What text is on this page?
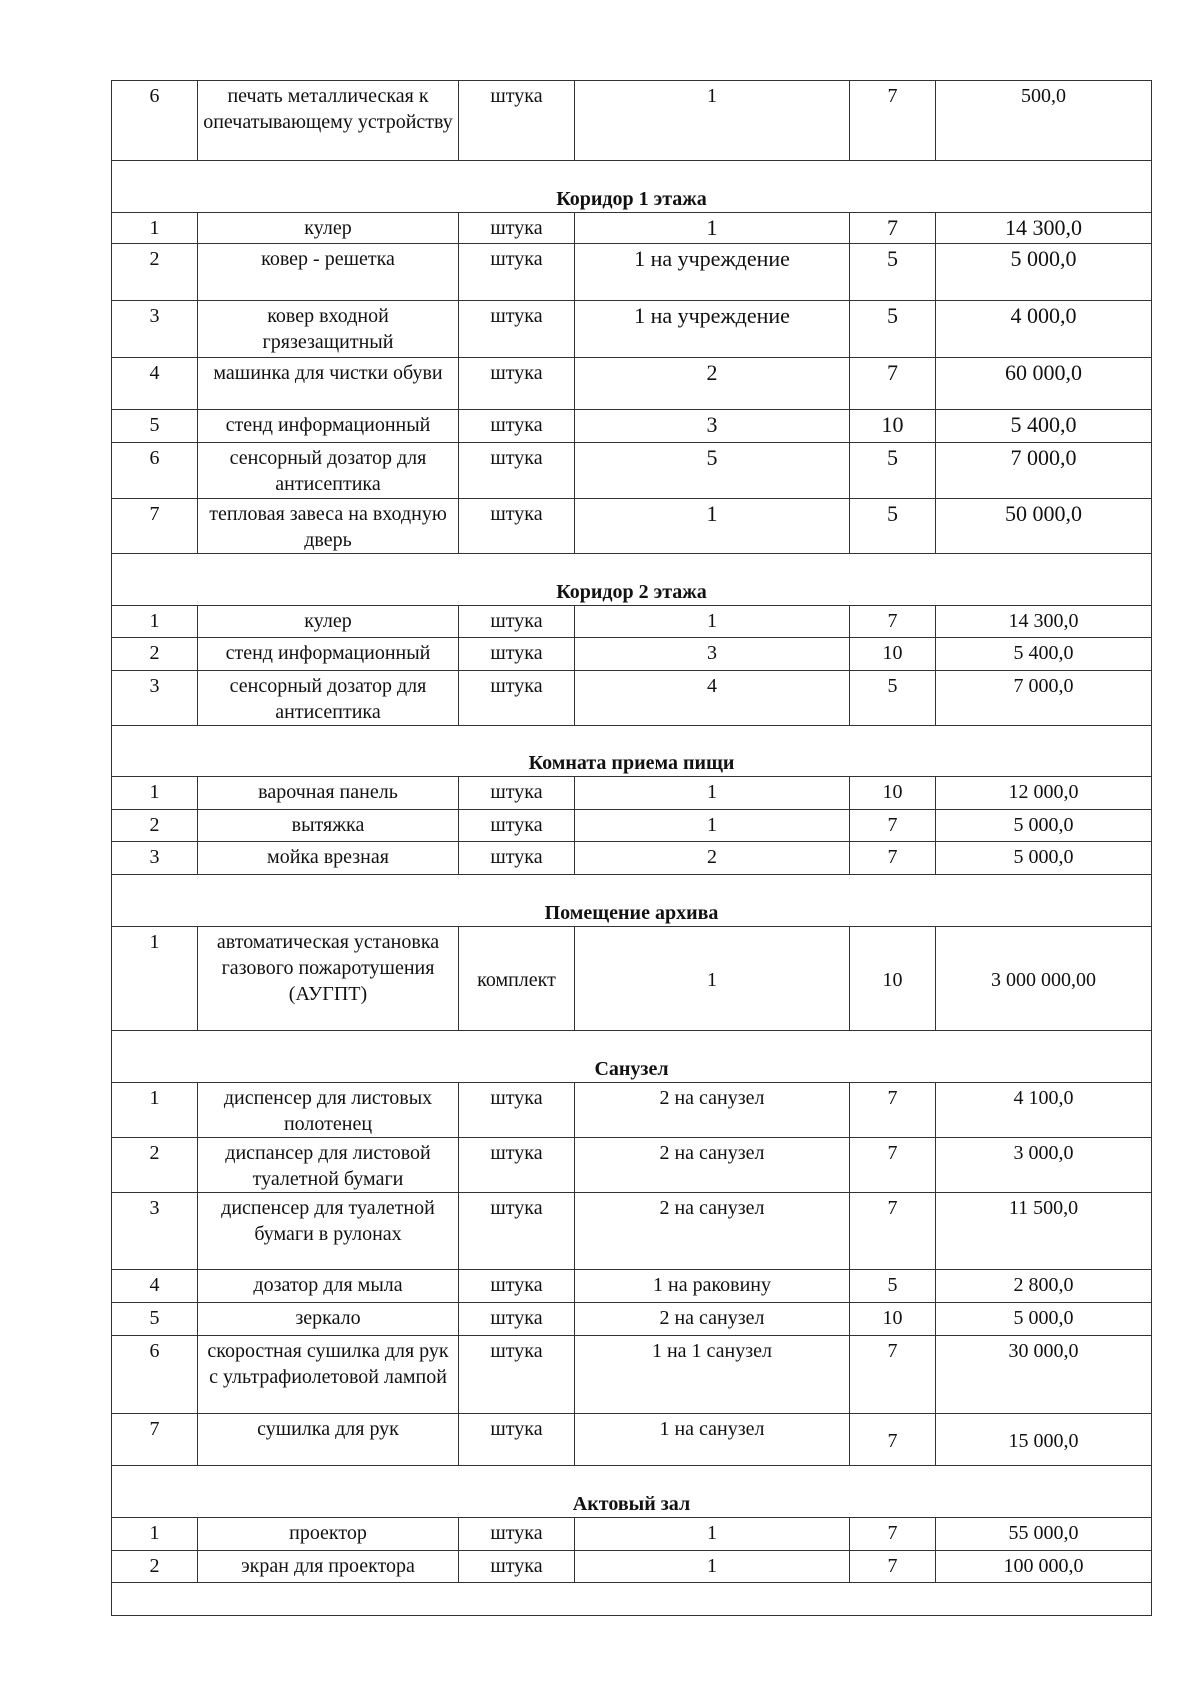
6	печать металлическая к опечатывающему устройству	штука	1	7	500,0
Коридор 1 этажа					
1	кулер	штука	1	7	14 300,0
2	ковер - решетка	штука	1 на учреждение	5	5 000,0
3	ковер входной грязезащитный	штука	1 на учреждение	5	4 000,0
4	машинка для чистки обуви	штука	2	7	60 000,0
5	стенд информационный	штука	3	10	5 400,0
6	сенсорный дозатор для антисептика	штука	5	5	7 000,0
7	тепловая завеса на входную дверь	штука	1	5	50 000,0
Коридор 2 этажа					
1	кулер	штука	1	7	14 300,0
2	стенд информационный	штука	3	10	5 400,0
3	сенсорный дозатор для антисептика	штука	4	5	7 000,0
Комната приема пищи					
1	варочная панель	штука	1	10	12 000,0
2	вытяжка	штука	1	7	5 000,0
3	мойка врезная	штука	2	7	5 000,0
Помещение архива					
1	автоматическая установка газового пожаротушения (АУГПТ)	комплект	1	10	3 000 000,00
Санузел					
1	диспенсер для листовых полотенец	штука	2 на санузел	7	4 100,0
2	диспансер для листовой туалетной бумаги	штука	2 на санузел	7	3 000,0
3	диспенсер для туалетной бумаги в рулонах	штука	2 на санузел	7	11 500,0
4	дозатор для мыла	штука	1 на раковину	5	2 800,0
5	зеркало	штука	2 на санузел	10	5 000,0
6	скоростная сушилка для рук с ультрафиолетовой лампой	штука	1 на 1 санузел	7	30 000,0
7	сушилка для рук	штука	1 на санузел	7	15 000,0
Актовый зал					
1	проектор	штука	1	7	55 000,0
2	экран для проектора	штука	1	7	100 000,0
